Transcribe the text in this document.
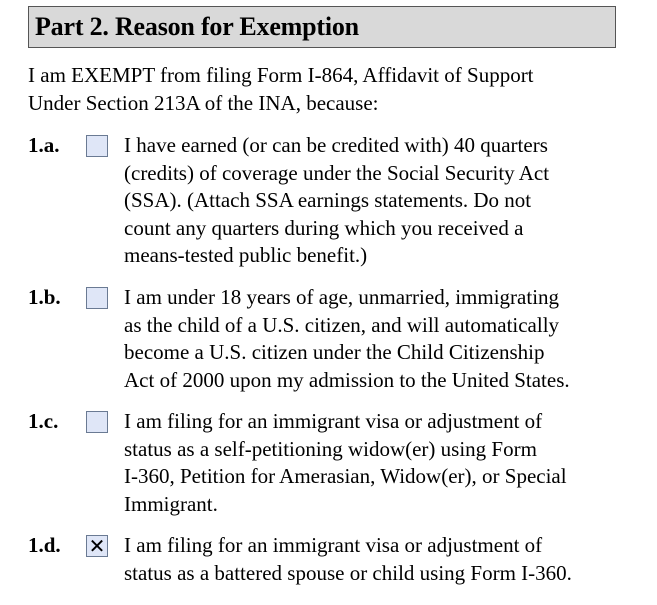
Part 2. Reason for Exemption
I am EXEMPT from filing Form I-864, Affidavit of Support
Under Section 213A of the INA, because:
1.a.	I have earned (or can be credited with) 40 quarters
(credits) of coverage under the Social Security Act
(SSA). (Attach SSA earnings statements. Do not
count any quarters during which you received a
means-tested public benefit.)
1.b.	I am under 18 years of age, unmarried, immigrating
as the child of a U.S. citizen, and will automatically
become a U.S. citizen under the Child Citizenship
Act of 2000 upon my admission to the United States.
1.c.	I am filing for an immigrant visa or adjustment of
status as a self-petitioning widow(er) using Form
I-360, Petition for Amerasian, Widow(er), or Special
Immigrant.
1.d. ✕ I am filing for an immigrant visa or adjustment of
status as a battered spouse or child using Form I-360.
